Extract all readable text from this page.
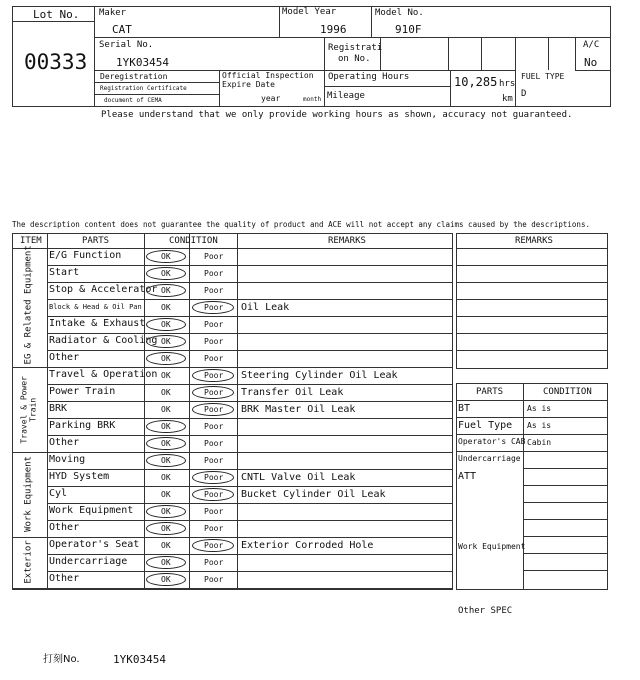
Lot No.
00333
Maker
CAT
Model Year
1996
Model No.
910F
Serial No.
1YK03454
Registrati
on No.
A/C
No
Deregistration
Registration Certificate
document of CEMA
Official Inspection
Expire Date
year	month
Operating Hours	10,285 hrs
Mileage	km
FUEL TYPE
D
Please understand that we only provide working hours as shown, accuracy not guaranteed.
The description content does not guarantee the quality of product and ACE will not accept any claims caused by the descriptions.
ITEM	PARTS	CONDITION	REMARKS
E/G Function	OK	Poor
Start	OK	Poor
Stop & Accelerator OK	Poor
Block & Head & Oil Pan OK	Poor Oil Leak
Intake & Exhaust OK	Poor
Radiator & Cooling OK	Poor
Other	OK	Poor
EG & Related Equipment
Travel & Operation OK	Poor Steering Cylinder Oil Leak
Power Train	OK	Poor Transfer Oil Leak
BRK	OK	Poor BRK Master Oil Leak
Parking BRK	OK	Poor
Other	OK	Poor
Travel & Power Train
Moving	OK	Poor
HYD System	OK	Poor CNTL Valve Oil Leak
Cyl	OK	Poor Bucket Cylinder Oil Leak
Work Equipment	OK	Poor
Other	OK	Poor
Work Equipment
Operator's Seat	OK	Poor Exterior Corroded Hole
Undercarriage	OK	Poor
Other	OK	Poor
Exterior
REMARKS
PARTS	CONDITION
BT	As is
Fuel Type As is
Operator's CAB Cabin
Undercarriage
ATT
Work Equipment
Other SPEC
打刻No.	1YK03454
